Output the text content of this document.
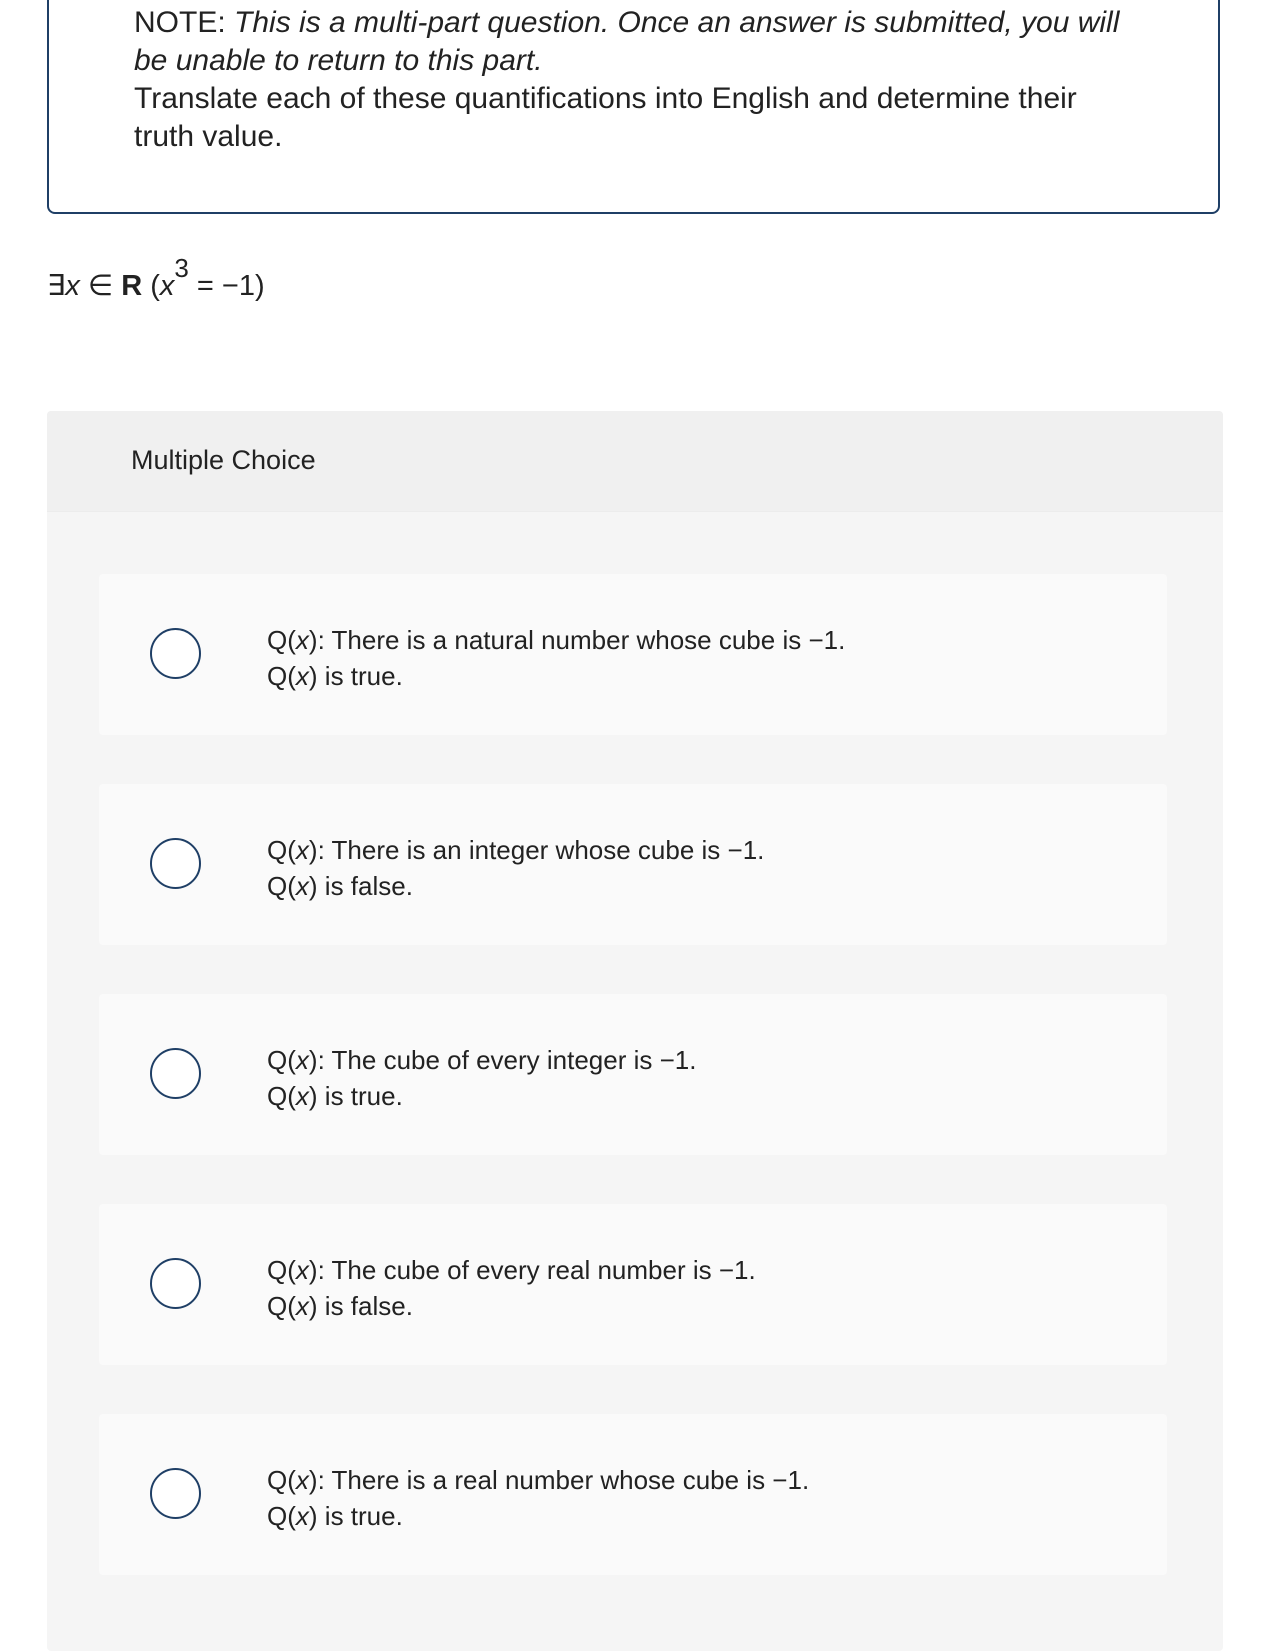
NOTE: This is a multi-part question. Once an answer is submitted, you will be unable to return to this part.

Translate each of these quantifications into English and determine their truth value.

∃x ∈ R $(x^3 = -1)$
Multiple Choice
Q(x): There is a natural number whose cube is −1.
Q(x) is true.
Q(x): There is an integer whose cube is −1.
Q(x) is false.
Q(x): The cube of every integer is −1.
Q(x) is true.
Q(x): The cube of every real number is −1.
Q(x) is false.
Q(x): There is a real number whose cube is −1.
Q(x) is true.
